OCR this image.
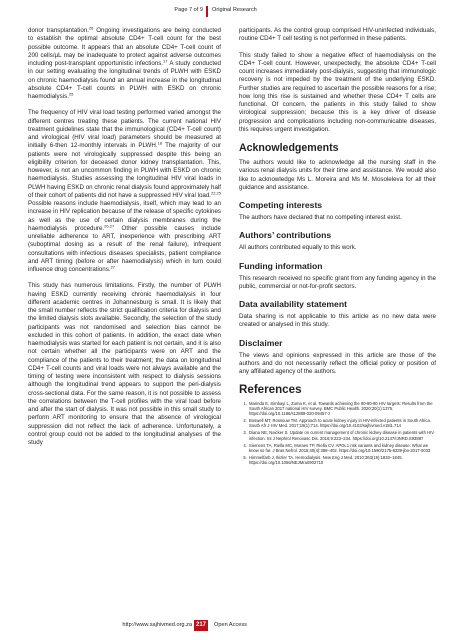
Page 7 of 9 Original Research

donor transplantation.$^{26}$ Ongoing investigations are being conducted to establish the optimal absolute CD4+ T-cell count for the best possible outcome. It appears that an absolute CD4+ T-cell count of 200 cells/µL may be inadequate to protect against adverse outcomes including post-transplant opportunistic infections.$^{17}$ A study conducted in our setting evaluating the longitudinal trends of PLWH with ESKD on chronic haemodialysis found an annual increase in the longitudinal absolute CD4+ T-cell counts in PLWH with ESKD on chronic haemodialysis.$^{25}$

The frequency of HIV viral load testing performed varied amongst the different centres treating these patients. The current national HIV treatment guidelines state that the immunological (CD4+ T-cell count) and virological (HIV viral load) parameters should be measured at initially 6-then 12-monthly intervals in PLWH.$^{18}$ The majority of our patients were not virologically suppressed despite this being an eligibility criterion for deceased donor kidney transplantation. This, however, is not an uncommon finding in PLWH with ESKD on chronic haemodialysis. Studies assessing the longitudinal HIV viral loads in PLWH having ESKD on chronic renal dialysis found approximately half of their cohort of patients did not have a suppressed HIV viral load.$^{22,25}$ Possible reasons include haemodialysis, itself, which may lead to an increase in HIV replication because of the release of specific cytokines as well as the use of certain dialysis membranes during the haemodialysis procedure.$^{26,27}$ Other possible causes include unreliable adherence to ART, inexperience with prescribing ART (suboptimal dosing as a result of the renal failure), infrequent consultations with infectious diseases specialists, patient compliance and ART timing (before or after haemodialysis) which in turn could influence drug concentrations.$^{27}$

This study has numerous limitations. Firstly, the number of PLWH having ESKD currently receiving chronic haemodialysis in four different academic centres in Johannesburg is small. It is likely that the small number reflects the strict qualification criteria for dialysis and the limited dialysis slots available. Secondly, the selection of the study participants was not randomised and selection bias cannot be excluded in this cohort of patients. In addition, the exact date when haemodialysis was started for each patient is not certain, and it is also not certain whether all the participants were on ART and the compliance of the patients to their treatment; the data on longitudinal CD4+ T-cell counts and viral loads were not always available and the timing of testing were inconsistent with respect to dialysis sessions although the longitudinal trend appears to support the peri-dialysis cross-sectional data. For the same reason, it is not possible to assess the correlations between the T-cell profiles with the viral load before and after the start of dialysis. It was not possible in this small study to perform ART monitoring to ensure that the absence of virological suppression did not reflect the lack of adherence. Unfortunately, a control group could not be added to the longitudinal analyses of the study

participants. As the control group comprised HIV-uninfected individuals, routine CD4+ T cell testing is not performed in these patients.

This study failed to show a negative effect of haemodialysis on the CD4+ T-cell count. However, unexpectedly, the absolute CD4+ T-cell count increases immediately post-dialysis, suggesting that immunologic recovery is not impeded by the treatment of the underlying ESKD. Further studies are required to ascertain the possible reasons for a rise; how long this rise is sustained and whether these CD4+ T cells are functional. Of concern, the patients in this study failed to show virological suppression; because this is a key driver of disease progression and complications including non-communicable diseases, this requires urgent investigation.

Acknowledgements

The authors would like to acknowledge all the nursing staff in the various renal dialysis units for their time and assistance. We would also like to acknowledge Ms L. Moreira and Ms M. Mosoleleva for all their guidance and assistance.

Competing interests

The authors have declared that no competing interest exist.

Authors’ contributions

All authors contributed equally to this work.

Funding information

This research received no specific grant from any funding agency in the public, commercial or not-for-profit sectors.

Data availability statement

Data sharing is not applicable to this article as no new data were created or analysed in this study.

Disclaimer

The views and opinions expressed in this article are those of the authors and do not necessarily reflect the official policy or position of any affiliated agency of the authors.

References
1. Marinda E, Simbayi L, Zuma K, et al. Towards achieving the 90-90-90 HIV targets: Results from the South African 2017 national HIV survey. BMC Public Health. 2020;20(1):1375. https://doi.org/10.1186/s12889-020-09457-z
2. Boswell MT, Rossouw TM. Approach to acute kidney injury in HIV-infected patients in South Africa. South Afr J HIV Med. 2017;18(1):714. https://doi.org/10.4102/sajhivmed.v18i1.714
3. Diana NE, Naicker S. Update on current management of chronic kidney disease in patients with HIV infection. Int J Nephrol Renovasc Dis. 2016;9:223–234. https://doi.org/10.2147/IJNRD.S93887
4. Siemens TA, Riella MC, Moraes TP, Riella CV. APOL1 risk variants and kidney disease: What we know so far. J Bras Nefrol. 2018;40(4):388–402. https://doi.org/10.1590/2175-8239-jbn-2017-0033
5. Himmelfarb J, Ikizler TA. Hemodialysis. New Eng J Med. 2010;363(19):1833–1845. https://doi.org/10.1056/NEJMra0902710
http://www.sajhivmed.org.za 217	Open Access
